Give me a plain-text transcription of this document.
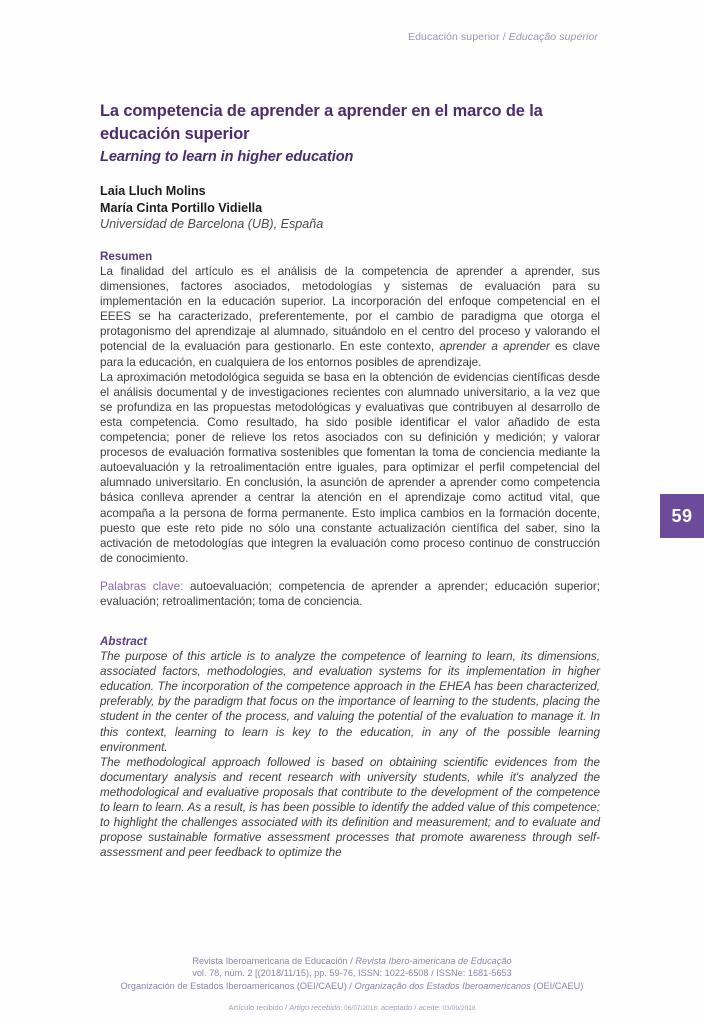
Educación superior / Educação superior
59
La competencia de aprender a aprender en el marco de la educación superior
Learning to learn in higher education
Laia Lluch Molins
María Cinta Portillo Vidiella
Universidad de Barcelona (UB), España
Resumen

La finalidad del artículo es el análisis de la competencia de aprender a aprender, sus dimensiones, factores asociados, metodologías y sistemas de evaluación para su implementación en la educación superior. La incorporación del enfoque competencial en el EEES se ha caracterizado, preferentemente, por el cambio de paradigma que otorga el protagonismo del aprendizaje al alumnado, situándolo en el centro del proceso y valorando el potencial de la evaluación para gestionarlo. En este contexto, aprender a aprender es clave para la educación, en cualquiera de los entornos posibles de aprendizaje.

La aproximación metodológica seguida se basa en la obtención de evidencias científicas desde el análisis documental y de investigaciones recientes con alumnado universitario, a la vez que se profundiza en las propuestas metodológicas y evaluativas que contribuyen al desarrollo de esta competencia. Como resultado, ha sido posible identificar el valor añadido de esta competencia; poner de relieve los retos asociados con su definición y medición; y valorar procesos de evaluación formativa sostenibles que fomentan la toma de conciencia mediante la autoevaluación y la retroalimentación entre iguales, para optimizar el perfil competencial del alumnado universitario. En conclusión, la asunción de aprender a aprender como competencia básica conlleva aprender a centrar la atención en el aprendizaje como actitud vital, que acompaña a la persona de forma permanente. Esto implica cambios en la formación docente, puesto que este reto pide no sólo una constante actualización científica del saber, sino la activación de metodologías que integren la evaluación como proceso continuo de construcción de conocimiento.

Palabras clave: autoevaluación; competencia de aprender a aprender; educación superior; evaluación; retroalimentación; toma de conciencia.

Abstract

The purpose of this article is to analyze the competence of learning to learn, its dimensions, associated factors, methodologies, and evaluation systems for its implementation in higher education. The incorporation of the competence approach in the EHEA has been characterized, preferably, by the paradigm that focus on the importance of learning to the students, placing the student in the center of the process, and valuing the potential of the evaluation to manage it. In this context, learning to learn is key to the education, in any of the possible learning environment.

The methodological approach followed is based on obtaining scientific evidences from the documentary analysis and recent research with university students, while it's analyzed the methodological and evaluative proposals that contribute to the development of the competence to learn to learn. As a result, is has been possible to identify the added value of this competence; to highlight the challenges associated with its definition and measurement; and to evaluate and propose sustainable formative assessment processes that promote awareness through self-assessment and peer feedback to optimize the

Revista Iberoamericana de Educación / Revista Ibero-americana de Educação
vol. 78, núm. 2 [(2018/11/15), pp. 59-76, ISSN: 1022-6508 / ISSNe: 1681-5653
Organización de Estados Iberoamericanos (OEI/CAEU) / Organização dos Estados Iberoamericanos (OEI/CAEU)
Artículo recibido / Artigo recebido: 06/07/2018; aceptado / aceite: 03/09/2018
